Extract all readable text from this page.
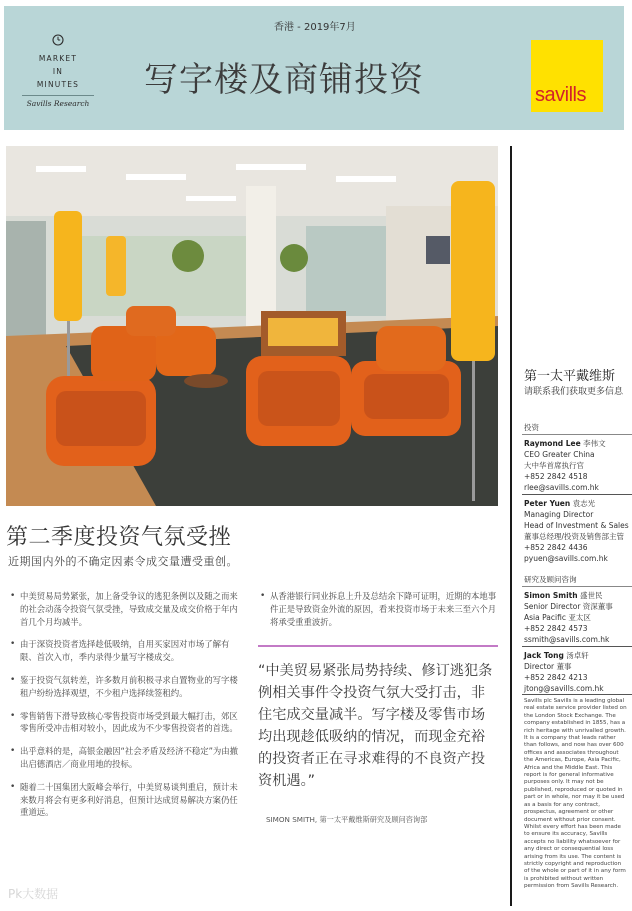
MARKET
IN
MINUTES
Savills Research
香港 - 2019年7月
写字楼及商铺投资	savills
第一太平戴维斯
请联系我们获取更多信息
投资
Raymond Lee 李伟文
CEO Greater China
大中华首席执行官
+852 2842 4518
rlee@savills.com.hk
Peter Yuen 袁志光
Managing Director
Head of Investment & Sales
董事总经理/投资及销售部主管
+852 2842 4436
pyuen@savills.com.hk
研究及顾问咨询
Simon Smith 盛世民
Senior Director 资深董事
Asia Pacific 亚太区
+852 2842 4573
ssmith@savills.com.hk
Jack Tong 汤卓轩
Director 董事
+852 2842 4213
jtong@savills.com.hk
Savills plc Savills is a leading global real estate service provider listed on the London Stock Exchange. The company established in 1855, has a rich heritage with unrivalled growth. It is a company that leads rather than follows, and now has over 600 offices and associates throughout the Americas, Europe, Asia Pacific, Africa and the Middle East. This report is for general informative purposes only. It may not be published, reproduced or quoted in part or in whole, nor may it be used as a basis for any contract, prospectus, agreement or other document without prior consent. Whilst every effort has been made to ensure its accuracy, Savills accepts no liability whatsoever for any direct or consequential loss arising from its use. The content is strictly copyright and reproduction of the whole or part of it in any form is prohibited without written permission from Savills Research.
第二季度投资气氛受挫
近期国内外的不确定因素令成交量遭受重创。
• 中美贸易局势紧张，加上备受争议的逃犯条例以及随之而来的社会动荡令投资气氛受挫，导致成交量及成交价格于年内首几个月均减半。
• 由于深资投资者选择趁低吸纳，自用买家因对市场了解有限、首次入市，季内录得少量写字楼成交。
• 鉴于投资气氛转差，许多数月前积极寻求自置物业的写字楼租户纷纷选择观望，不少租户选择续签租约。
• 零售销售下滑导致核心零售投资市场受到最大幅打击，郊区零售所受冲击相对较小，因此成为不少零售投资者的首选。
• 出乎意料的是，高银金融因“社会矛盾及经济不稳定”为由撤出启德酒店／商业用地的投标。
• 随着二十国集团大阪峰会举行，中美贸易谈判重启，预计未来数月将会有更多利好消息，但预计达成贸易解决方案仍任重道远。
• 从香港银行同业拆息上升及总结余下降可证明，近期的本地事件正是导致资金外流的原因，看来投资市场于未来三至六个月将承受重重波折。
“中美贸易紧张局势持续、修订逃犯条例相关事件令投资气氛大受打击，非住宅成交量减半。写字楼及零售市场均出现趁低吸纳的情况，而现金充裕的投资者正在寻求难得的不良资产投资机遇。”
SIMON SMITH, 第一太平戴维斯研究及顾问咨询部
Pk大数据
